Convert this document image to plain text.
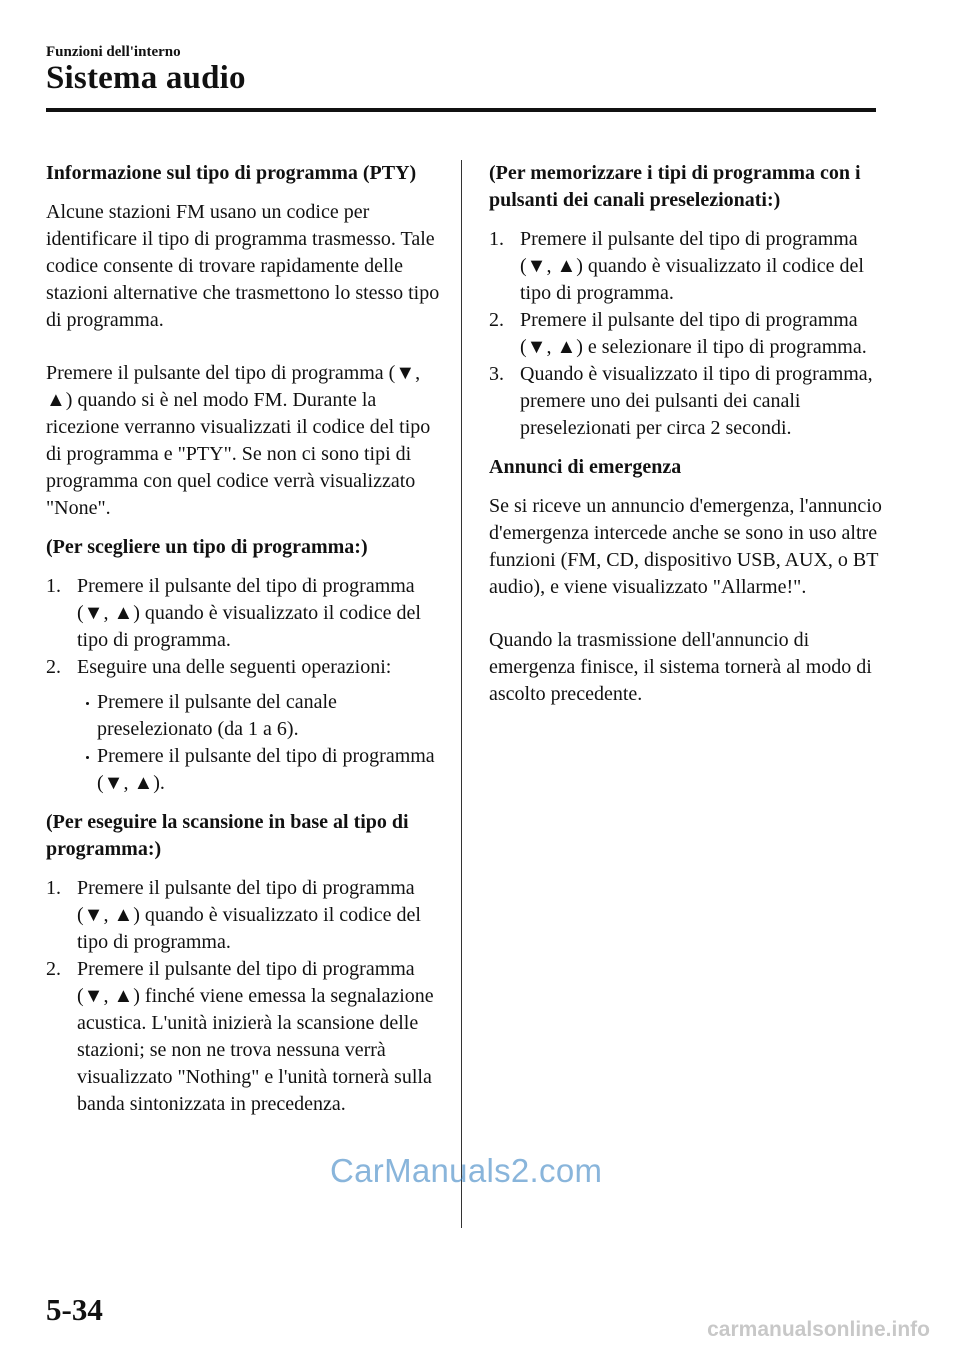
Funzioni dell'interno
Sistema audio

Informazione sul tipo di programma (PTY)

Alcune stazioni FM usano un codice per identificare il tipo di programma trasmesso. Tale codice consente di trovare rapidamente delle stazioni alternative che trasmettono lo stesso tipo di programma.

Premere il pulsante del tipo di programma (▼, ▲) quando si è nel modo FM. Durante la ricezione verranno visualizzati il codice del tipo di programma e "PTY". Se non ci sono tipi di programma con quel codice verrà visualizzato "None".

(Per scegliere un tipo di programma:)

1. Premere il pulsante del tipo di programma (▼, ▲) quando è visualizzato il codice del tipo di programma.
2. Eseguire una delle seguenti operazioni:
Premere il pulsante del canale preselezionato (da 1 a 6).
Premere il pulsante del tipo di programma (▼, ▲).

(Per eseguire la scansione in base al tipo di programma:)

1. Premere il pulsante del tipo di programma (▼, ▲) quando è visualizzato il codice del tipo di programma.
2. Premere il pulsante del tipo di programma (▼, ▲) finché viene emessa la segnalazione acustica. L'unità inizierà la scansione delle stazioni; se non ne trova nessuna verrà visualizzato "Nothing" e l'unità tornerà sulla banda sintonizzata in precedenza.

(Per memorizzare i tipi di programma con i pulsanti dei canali preselezionati:)

1. Premere il pulsante del tipo di programma (▼, ▲) quando è visualizzato il codice del tipo di programma.
2. Premere il pulsante del tipo di programma (▼, ▲) e selezionare il tipo di programma.
3. Quando è visualizzato il tipo di programma, premere uno dei pulsanti dei canali preselezionati per circa 2 secondi.

Annunci di emergenza

Se si riceve un annuncio d'emergenza, l'annuncio d'emergenza intercede anche se sono in uso altre funzioni (FM, CD, dispositivo USB, AUX, o BT audio), e viene visualizzato "Allarme!".

Quando la trasmissione dell'annuncio di emergenza finisce, il sistema tornerà al modo di ascolto precedente.

5-34
CarManuals2.com
carmanualsonline.info
